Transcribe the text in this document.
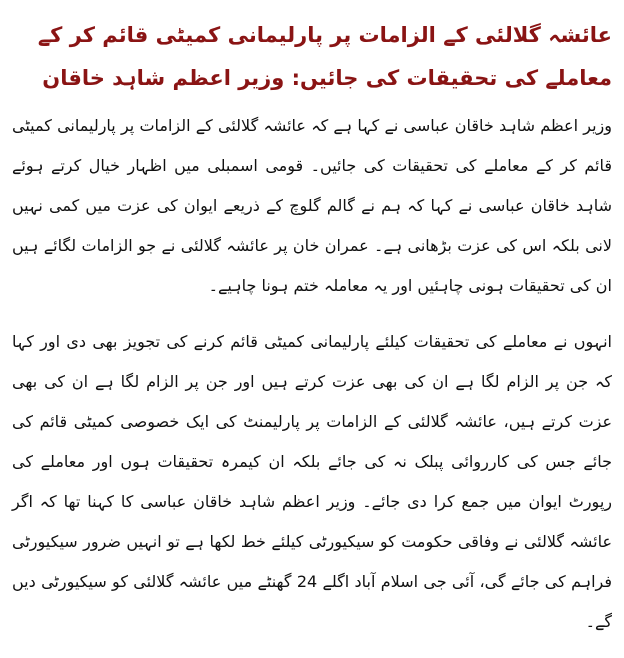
عائشہ گلالئی کے الزامات پر پارلیمانی کمیٹی قائم کر کے معاملے کی تحقیقات کی جائیں: وزیر اعظم شاہد خاقان

وزیر اعظم شاہد خاقان عباسی نے کہا ہے کہ عائشہ گلالئی کے الزامات پر پارلیمانی کمیٹی قائم کر کے معاملے کی تحقیقات کی جائیں۔ قومی اسمبلی میں اظہار خیال کرتے ہوئے شاہد خاقان عباسی نے کہا کہ ہم نے گالم گلوچ کے ذریعے ایوان کی عزت میں کمی نہیں لانی بلکہ اس کی عزت بڑھانی ہے۔ عمران خان پر عائشہ گلالئی نے جو الزامات لگائے ہیں ان کی تحقیقات ہونی چاہئیں اور یہ معاملہ ختم ہونا چاہیے۔

انہوں نے معاملے کی تحقیقات کیلئے پارلیمانی کمیٹی قائم کرنے کی تجویز بھی دی اور کہا کہ جن پر الزام لگا ہے ان کی بھی عزت کرتے ہیں اور جن پر الزام لگا ہے ان کی بھی عزت کرتے ہیں، عائشہ گلالئی کے الزامات پر پارلیمنٹ کی ایک خصوصی کمیٹی قائم کی جائے جس کی کارروائی پبلک نہ کی جائے بلکہ ان کیمرہ تحقیقات ہوں اور معاملے کی رپورٹ ایوان میں جمع کرا دی جائے۔ وزیر اعظم شاہد خاقان عباسی کا کہنا تھا کہ اگر عائشہ گلالئی نے وفاقی حکومت کو سیکیورٹی کیلئے خط لکھا ہے تو انہیں ضرور سیکیورٹی فراہم کی جائے گی، آئی جی اسلام آباد اگلے 24 گھنٹے میں عائشہ گلالئی کو سیکیورٹی دیں گے۔
